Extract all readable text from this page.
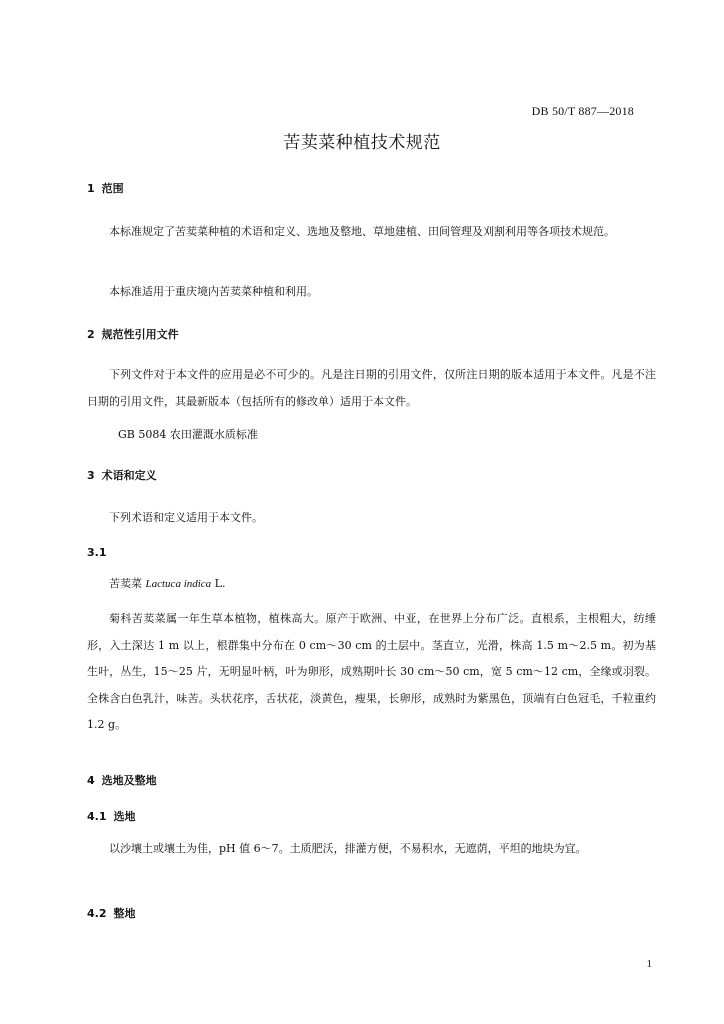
DB 50/T 887—2018
苦荬菜种植技术规范
1 范围

本标准规定了苦荬菜种植的术语和定义、选地及整地、草地建植、田间管理及刈割利用等各项技术规范。

本标准适用于重庆境内苦荬菜种植和利用。

2 规范性引用文件

下列文件对于本文件的应用是必不可少的。凡是注日期的引用文件，仅所注日期的版本适用于本文件。凡是不注日期的引用文件，其最新版本（包括所有的修改单）适用于本文件。

GB 5084 农田灌溉水质标准
3 术语和定义

下列术语和定义适用于本文件。

3.1
苦荬菜 Lactuca indica L.

菊科苦荬菜属一年生草本植物，植株高大。原产于欧洲、中亚，在世界上分布广泛。直根系，主根粗大，纺缍形，入土深达 1 m 以上，根群集中分布在 0 cm～30 cm 的土层中。茎直立，光滑，株高 1.5 m～2.5 m。初为基生叶，丛生，15～25 片，无明显叶柄，叶为卵形，成熟期叶长 30 cm～50 cm，宽 5 cm～12 cm，全缘或羽裂。全株含白色乳汁，味苦。头状花序，舌状花，淡黄色，瘦果，长卵形，成熟时为紫黑色，顶端有白色冠毛，千粒重约 1.2 g。

4 选地及整地
4.1 选地

以沙壤土或壤土为佳，pH 值 6～7。土质肥沃，排灌方便，不易积水，无遮荫，平坦的地块为宜。

4.2 整地
1
